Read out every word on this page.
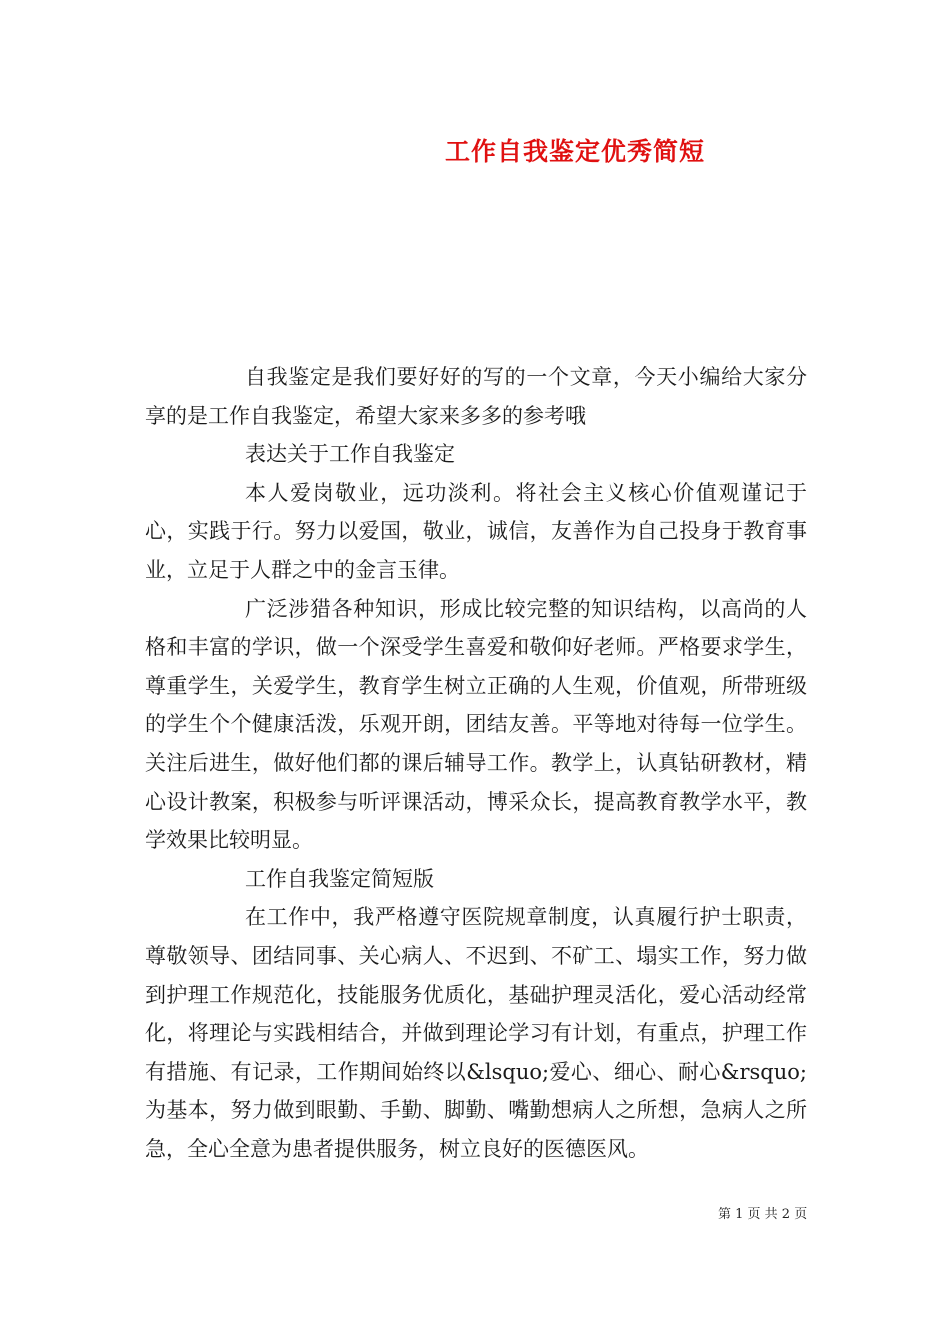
工作自我鉴定优秀简短

自我鉴定是我们要好好的写的一个文章，今天小编给大家分享的是工作自我鉴定，希望大家来多多的参考哦

表达关于工作自我鉴定

本人爱岗敬业，远功淡利。将社会主义核心价值观谨记于心，实践于行。努力以爱国，敬业，诚信，友善作为自己投身于教育事业，立足于人群之中的金言玉律。

广泛涉猎各种知识，形成比较完整的知识结构，以高尚的人格和丰富的学识，做一个深受学生喜爱和敬仰好老师。严格要求学生，尊重学生，关爱学生，教育学生树立正确的人生观，价值观，所带班级的学生个个健康活泼，乐观开朗，团结友善。平等地对待每一位学生。关注后进生，做好他们都的课后辅导工作。教学上，认真钻研教材，精心设计教案，积极参与听评课活动，博采众长，提高教育教学水平，教学效果比较明显。

工作自我鉴定简短版

在工作中，我严格遵守医院规章制度，认真履行护士职责，尊敬领导、团结同事、关心病人、不迟到、不矿工、塌实工作，努力做到护理工作规范化，技能服务优质化，基础护理灵活化，爱心活动经常化，将理论与实践相结合，并做到理论学习有计划，有重点，护理工作有措施、有记录，工作期间始终以&lsquo;爱心、细心、耐心&rsquo;为基本，努力做到眼勤、手勤、脚勤、嘴勤想病人之所想，急病人之所急，全心全意为患者提供服务，树立良好的医德医风。

第 1 页 共 2 页
